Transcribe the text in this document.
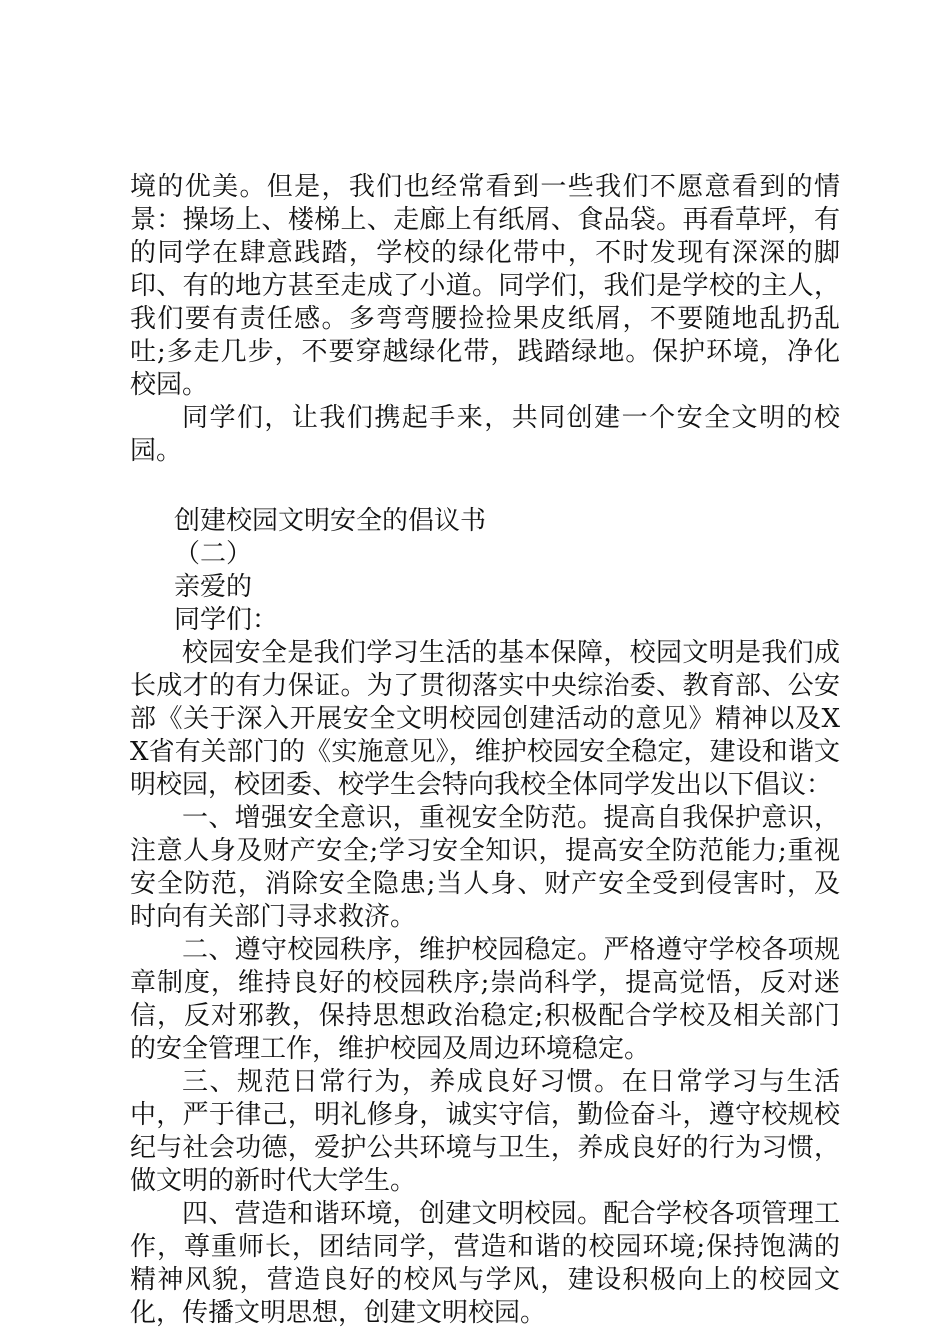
境的优美。但是，我们也经常看到一些我们不愿意看到的情景：操场上、楼梯上、走廊上有纸屑、食品袋。再看草坪，有的同学在肆意践踏，学校的绿化带中，不时发现有深深的脚印、有的地方甚至走成了小道。同学们，我们是学校的主人，我们要有责任感。多弯弯腰捡捡果皮纸屑，不要随地乱扔乱吐;多走几步，不要穿越绿化带，践踏绿地。保护环境，净化校园。

同学们，让我们携起手来，共同创建一个安全文明的校园。

创建校园文明安全的倡议书

（二）

亲爱的

同学们：

校园安全是我们学习生活的基本保障，校园文明是我们成长成才的有力保证。为了贯彻落实中央综治委、教育部、公安部《关于深入开展安全文明校园创建活动的意见》精神以及XX省有关部门的《实施意见》，维护校园安全稳定，建设和谐文明校园，校团委、校学生会特向我校全体同学发出以下倡议：

一、增强安全意识，重视安全防范。提高自我保护意识，注意人身及财产安全;学习安全知识，提高安全防范能力;重视安全防范，消除安全隐患;当人身、财产安全受到侵害时，及时向有关部门寻求救济。

二、遵守校园秩序，维护校园稳定。严格遵守学校各项规章制度，维持良好的校园秩序;崇尚科学，提高觉悟，反对迷信，反对邪教，保持思想政治稳定;积极配合学校及相关部门的安全管理工作，维护校园及周边环境稳定。

三、规范日常行为，养成良好习惯。在日常学习与生活中，严于律己，明礼修身，诚实守信，勤俭奋斗，遵守校规校纪与社会功德，爱护公共环境与卫生，养成良好的行为习惯，做文明的新时代大学生。

四、营造和谐环境，创建文明校园。配合学校各项管理工作，尊重师长，团结同学，营造和谐的校园环境;保持饱满的精神风貌，营造良好的校风与学风，建设积极向上的校园文化，传播文明思想，创建文明校园。
